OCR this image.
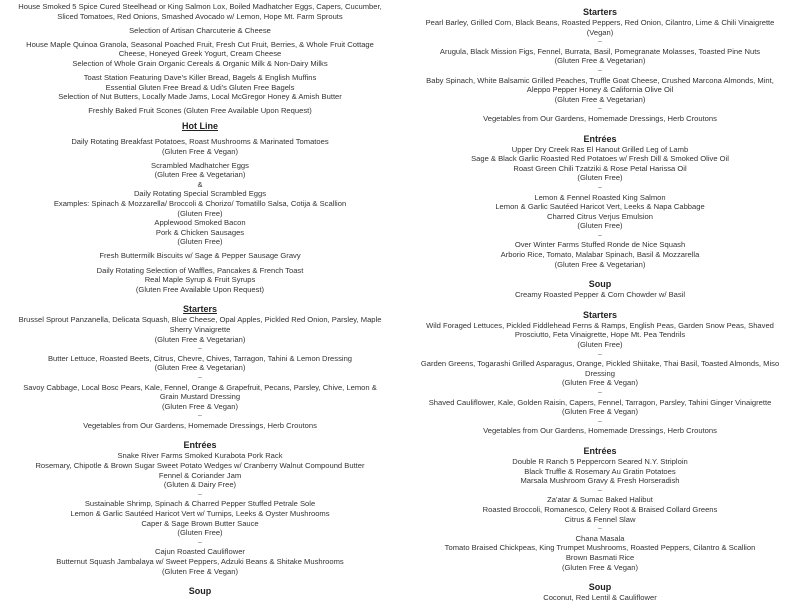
House Smoked 5 Spice Cured Steelhead or King Salmon Lox, Boiled Madhatcher Eggs, Capers, Cucumber,
Sliced Tomatoes, Red Onions, Smashed Avocado w/ Lemon, Hope Mt. Farm Sprouts
Selection of Artisan Charcuterie & Cheese
House Maple Quinoa Granola, Seasonal Poached Fruit, Fresh Cut Fruit, Berries, & Whole Fruit Cottage
Cheese, Honeyed Greek Yogurt, Cream Cheese
Selection of Whole Grain Organic Cereals & Organic Milk & Non-Dairy Milks
Toast Station Featuring Dave's Killer Bread, Bagels & English Muffins
Essential Gluten Free Bread & Udi's Gluten Free Bagels
Selection of Nut Butters, Locally Made Jams, Local McGregor Honey & Amish Butter
Freshly Baked Fruit Scones (Gluten Free Available Upon Request)
Hot Line
Daily Rotating Breakfast Potatoes, Roast Mushrooms & Marinated Tomatoes
(Gluten Free & Vegan)
Scrambled Madhatcher Eggs
(Gluten Free & Vegetarian)
&
Daily Rotating Special Scrambled Eggs
Examples: Spinach & Mozzarella/ Broccoli & Chorizo/ Tomatillo Salsa, Cotija & Scallion
(Gluten Free)
Applewood Smoked Bacon
Pork & Chicken Sausages
(Gluten Free)
Fresh Buttermilk Biscuits w/ Sage & Pepper Sausage Gravy
Daily Rotating Selection of Waffles, Pancakes & French Toast
Real Maple Syrup & Fruit Syrups
(Gluten Free Available Upon Request)
Starters
Brussel Sprout Panzanella, Delicata Squash, Blue Cheese, Opal Apples, Pickled Red Onion, Parsley, Maple Sherry Vinaigrette
(Gluten Free & Vegetarian)
–
Butter Lettuce, Roasted Beets, Citrus, Chevre, Chives, Tarragon, Tahini & Lemon Dressing
(Gluten Free & Vegetarian)
–
Savoy Cabbage, Local Bosc Pears, Kale, Fennel, Orange & Grapefruit, Pecans, Parsley, Chive, Lemon & Grain Mustard Dressing
(Gluten Free & Vegan)
–
Vegetables from Our Gardens, Homemade Dressings, Herb Croutons
Entrées
Snake River Farms Smoked Kurabota Pork Rack
Rosemary, Chipotle & Brown Sugar Sweet Potato Wedges w/ Cranberry Walnut Compound Butter
Fennel & Coriander Jam
(Gluten & Dairy Free)
–
Sustainable Shrimp, Spinach & Charred Pepper Stuffed Petrale Sole
Lemon & Garlic Sautéed Haricot Vert w/ Turnips, Leeks & Oyster Mushrooms
Caper & Sage Brown Butter Sauce
(Gluten Free)
–
Cajun Roasted Cauliflower
Butternut Squash Jambalaya w/ Sweet Peppers, Adzuki Beans & Shitake Mushrooms
(Gluten Free & Vegan)
Soup
Starters
Pearl Barley, Grilled Corn, Black Beans, Roasted Peppers, Red Onion, Cilantro, Lime & Chili Vinaigrette
(Vegan)
–
Arugula, Black Mission Figs, Fennel, Burrata, Basil, Pomegranate Molasses, Toasted Pine Nuts
(Gluten Free & Vegetarian)
–
Baby Spinach, White Balsamic Grilled Peaches, Truffle Goat Cheese, Crushed Marcona Almonds, Mint, Aleppo Pepper Honey & California Olive Oil
(Gluten Free & Vegetarian)
–
Vegetables from Our Gardens, Homemade Dressings, Herb Croutons
Entrées
Upper Dry Creek Ras El Hanout Grilled Leg of Lamb
Sage & Black Garlic Roasted Red Potatoes w/ Fresh Dill & Smoked Olive Oil
Roast Green Chili Tzatziki & Rose Petal Harissa Oil
(Gluten Free)
–
Lemon & Fennel Roasted King Salmon
Lemon & Garlic Sautéed Haricot Vert, Leeks & Napa Cabbage
Charred Citrus Verjus Emulsion
(Gluten Free)
–
Over Winter Farms Stuffed Ronde de Nice Squash
Arborio Rice, Tomato, Malabar Spinach, Basil & Mozzarella
(Gluten Free & Vegetarian)
Soup
Creamy Roasted Pepper & Corn Chowder w/ Basil
Starters
Wild Foraged Lettuces, Pickled Fiddlehead Ferns & Ramps, English Peas, Garden Snow Peas, Shaved Prosciutto, Feta Vinaigrette, Hope Mt. Pea Tendrils
(Gluten Free)
–
Garden Greens, Togarashi Grilled Asparagus, Orange, Pickled Shiitake, Thai Basil, Toasted Almonds, Miso Dressing
(Gluten Free & Vegan)
–
Shaved Cauliflower, Kale, Golden Raisin, Capers, Fennel, Tarragon, Parsley, Tahini Ginger Vinaigrette
(Gluten Free & Vegan)
–
Vegetables from Our Gardens, Homemade Dressings, Herb Croutons
Entrées
Double R Ranch 5 Peppercorn Seared N.Y. Striploin
Black Truffle & Rosemary Au Gratin Potatoes
Marsala Mushroom Gravy & Fresh Horseradish
–
Za'atar & Sumac Baked Halibut
Roasted Broccoli, Romanesco, Celery Root & Braised Collard Greens
Citrus & Fennel Slaw
–
Chana Masala
Tomato Braised Chickpeas, King Trumpet Mushrooms, Roasted Peppers, Cilantro & Scallion
Brown Basmati Rice
(Gluten Free & Vegan)
Soup
Coconut, Red Lentil & Cauliflower
